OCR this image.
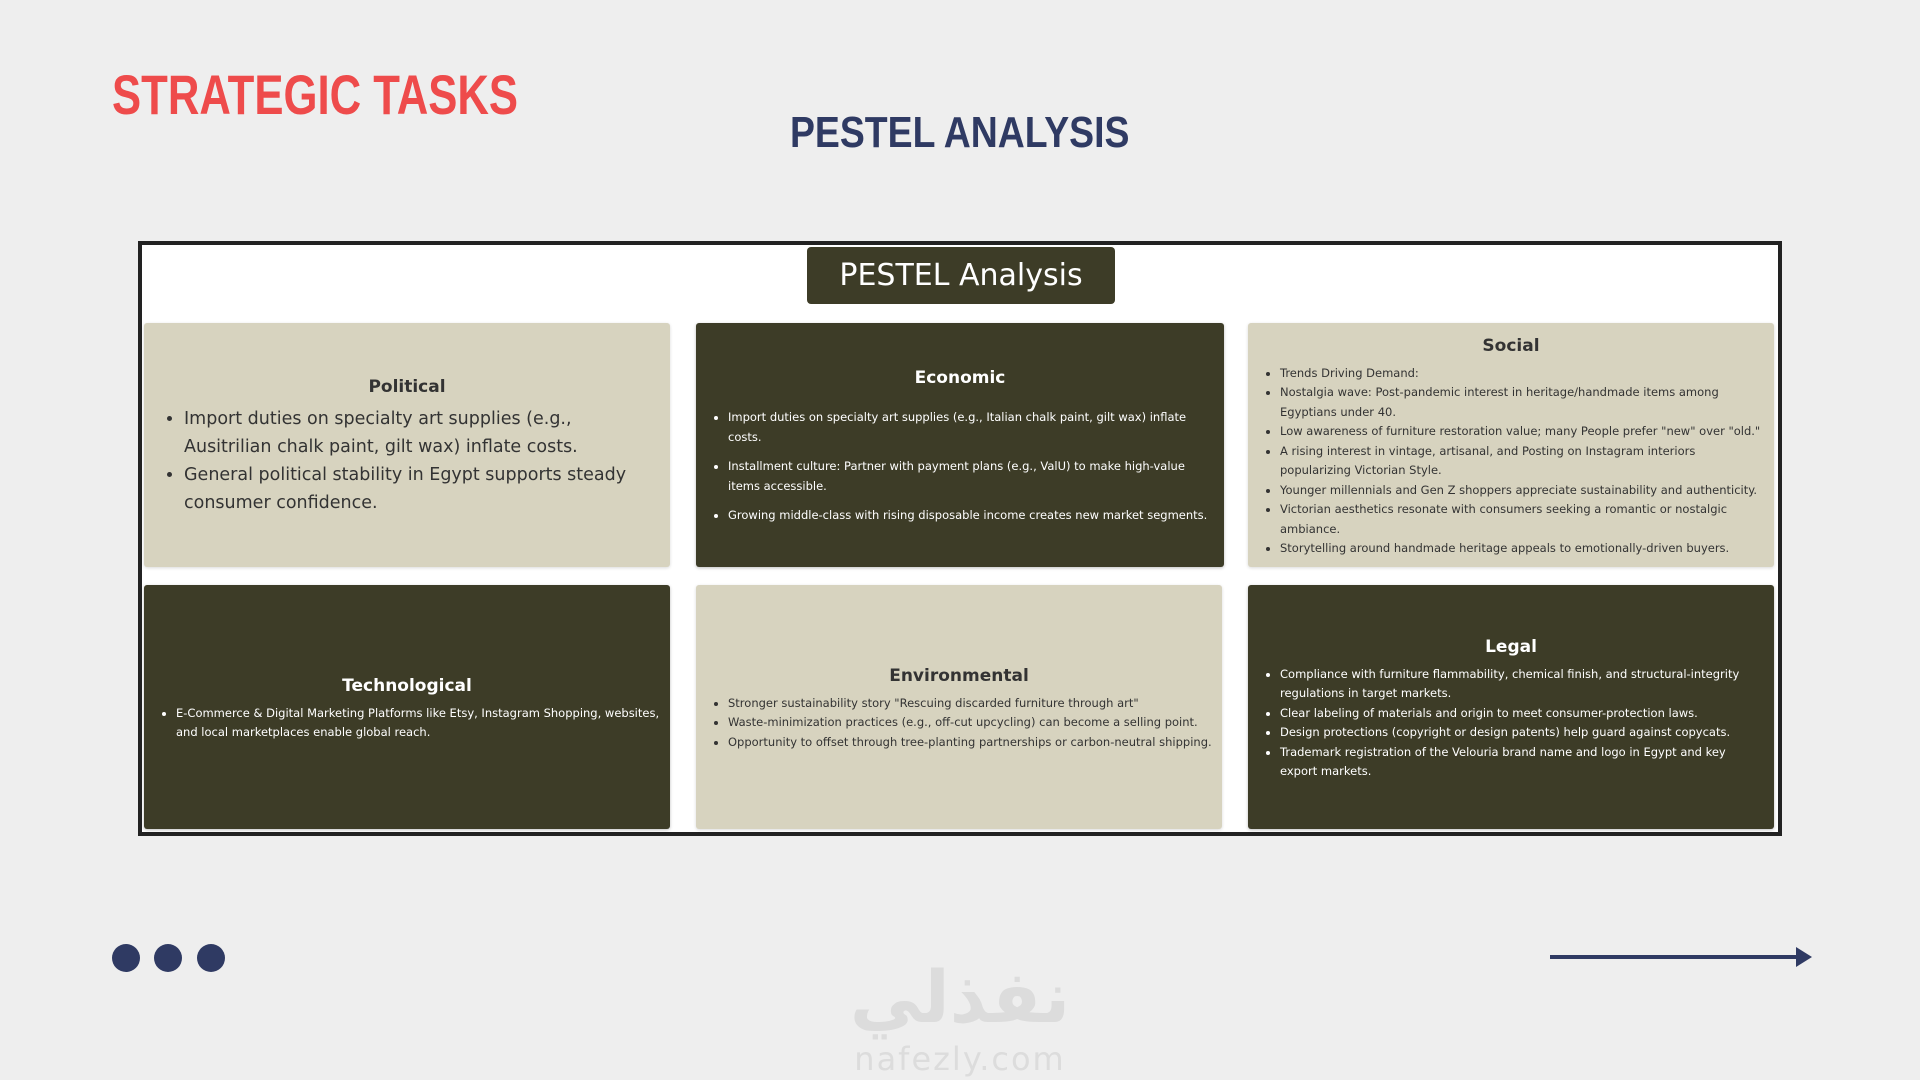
STRATEGIC TASKS
PESTEL ANALYSIS
PESTEL Analysis
Political
• Import duties on specialty art supplies (e.g., Ausitrilian chalk paint, gilt wax) inflate costs.
• General political stability in Egypt supports steady consumer confidence.
Economic
• Import duties on specialty art supplies (e.g., Italian chalk paint, gilt wax) inflate costs.
• Installment culture: Partner with payment plans (e.g., ValU) to make high-value items accessible.
• Growing middle-class with rising disposable income creates new market segments.
Social
• Trends Driving Demand:
• Nostalgia wave: Post-pandemic interest in heritage/handmade items among Egyptians under 40.
• Low awareness of furniture restoration value; many People prefer "new" over "old."
• A rising interest in vintage, artisanal, and Posting on Instagram interiors popularizing Victorian Style.
• Younger millennials and Gen Z shoppers appreciate sustainability and authenticity.
• Victorian aesthetics resonate with consumers seeking a romantic or nostalgic ambiance.
• Storytelling around handmade heritage appeals to emotionally-driven buyers.
Technological
• E-Commerce & Digital Marketing Platforms like Etsy, Instagram Shopping, websites, and local marketplaces enable global reach.
Environmental
• Stronger sustainability story "Rescuing discarded furniture through art"
• Waste-minimization practices (e.g., off-cut upcycling) can become a selling point.
• Opportunity to offset through tree-planting partnerships or carbon-neutral shipping.
Legal
• Compliance with furniture flammability, chemical finish, and structural-integrity regulations in target markets.
• Clear labeling of materials and origin to meet consumer-protection laws.
• Design protections (copyright or design patents) help guard against copycats.
• Trademark registration of the Velouria brand name and logo in Egypt and key export markets.
نفذلي
nafezly.com
